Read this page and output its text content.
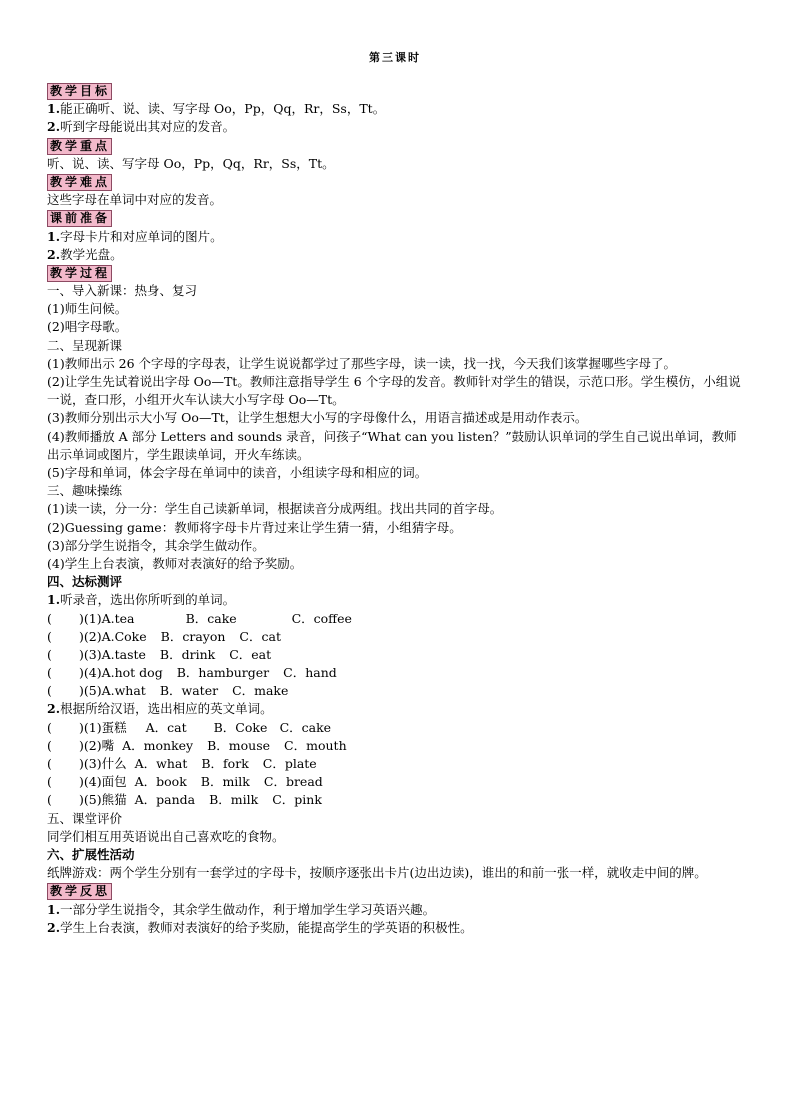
第三课时
教学目标
1.能正确听、说、读、写字母 Oo，Pp，Qq，Rr，Ss，Tt。
2.听到字母能说出其对应的发音。
教学重点
听、说、读、写字母 Oo，Pp，Qq，Rr，Ss，Tt。
教学难点
这些字母在单词中对应的发音。
课前准备
1.字母卡片和对应单词的图片。
2.教学光盘。
教学过程
一、导入新课：热身、复习
(1)师生问候。
(2)唱字母歌。
二、呈现新课
(1)教师出示 26 个字母的字母表，让学生说说都学过了那些字母，读一读，找一找，今天我们该掌握哪些字母了。
(2)让学生先试着说出字母 Oo—Tt。教师注意指导学生 6 个字母的发音。教师针对学生的错误，示范口形。学生模仿，小组说一说，查口形，小组开火车认读大小写字母 Oo—Tt。
(3)教师分别出示大小写 Oo—Tt，让学生想想大小写的字母像什么，用语言描述或是用动作表示。
(4)教师播放 A 部分 Letters and sounds 录音，问孩子“What can you listen？”鼓励认识单词的学生自己说出单词，教师出示单词或图片，学生跟读单词，开火车练读。
(5)字母和单词，体会字母在单词中的读音，小组读字母和相应的词。
三、趣味操练
(1)读一读，分一分：学生自己读新单词，根据读音分成两组。找出共同的首字母。
(2)Guessing game：教师将字母卡片背过来让学生猜一猜，小组猜字母。
(3)部分学生说指令，其余学生做动作。
(4)学生上台表演，教师对表演好的给予奖励。
四、达标测评
1.听录音，选出你所听到的单词。
(	)(1) A.tea	B．cake	C．coffee
(	)(2) A.Coke B．crayon C．cat
(	)(3) A.taste B．drink C．eat
(	)(4) A.hot dog B．hamburger C．hand
(	)(5) A.what B．water C．make
2.根据所给汉语，选出相应的英文单词。
(	)(1) 蛋糕	A．cat	B．Coke C．cake
(	)(2) 嘴 A．monkey B．mouse C．mouth
(	)(3) 什么 A．what B．fork C．plate
(	)(4) 面包 A．book B．milk C．bread
(	)(5) 熊猫 A．panda B．milk C．pink
五、课堂评价
同学们相互用英语说出自己喜欢吃的食物。
六、扩展性活动
纸牌游戏：两个学生分别有一套学过的字母卡，按顺序逐张出卡片(边出边读)，谁出的和前一张一样，就收走中间的牌。
教学反思
1.一部分学生说指令，其余学生做动作，利于增加学生学习英语兴趣。
2.学生上台表演，教师对表演好的给予奖励，能提高学生的学英语的积极性。
